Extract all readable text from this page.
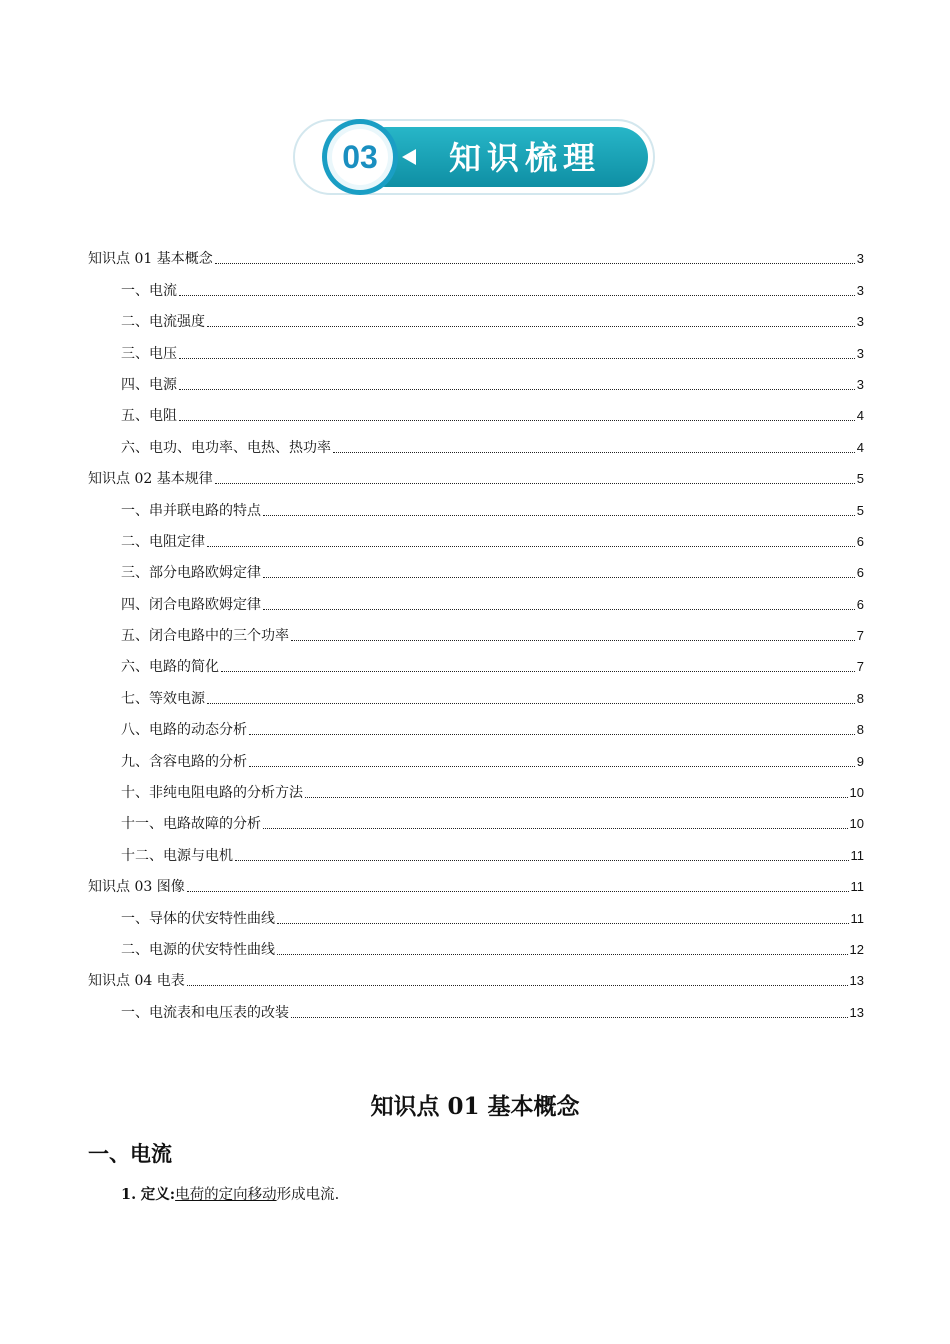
03 知识梳理
知识点 01 基本概念	3
一、电流	3
二、电流强度	3
三、电压	3
四、电源	3
五、电阻	4
六、电功、电功率、电热、热功率	4
知识点 02 基本规律	5
一、串并联电路的特点	5
二、电阻定律	6
三、部分电路欧姆定律	6
四、闭合电路欧姆定律	6
五、闭合电路中的三个功率	7
六、电路的简化	7
七、等效电源	8
八、电路的动态分析	8
九、含容电路的分析	9
十、非纯电阻电路的分析方法	10
十一、电路故障的分析	10
十二、电源与电机	11
知识点 03 图像	11
一、导体的伏安特性曲线	11
二、电源的伏安特性曲线	12
知识点 04 电表	13
一、电流表和电压表的改装	13
知识点 01 基本概念
一、电流
1. 定义:电荷的定向移动形成电流.
